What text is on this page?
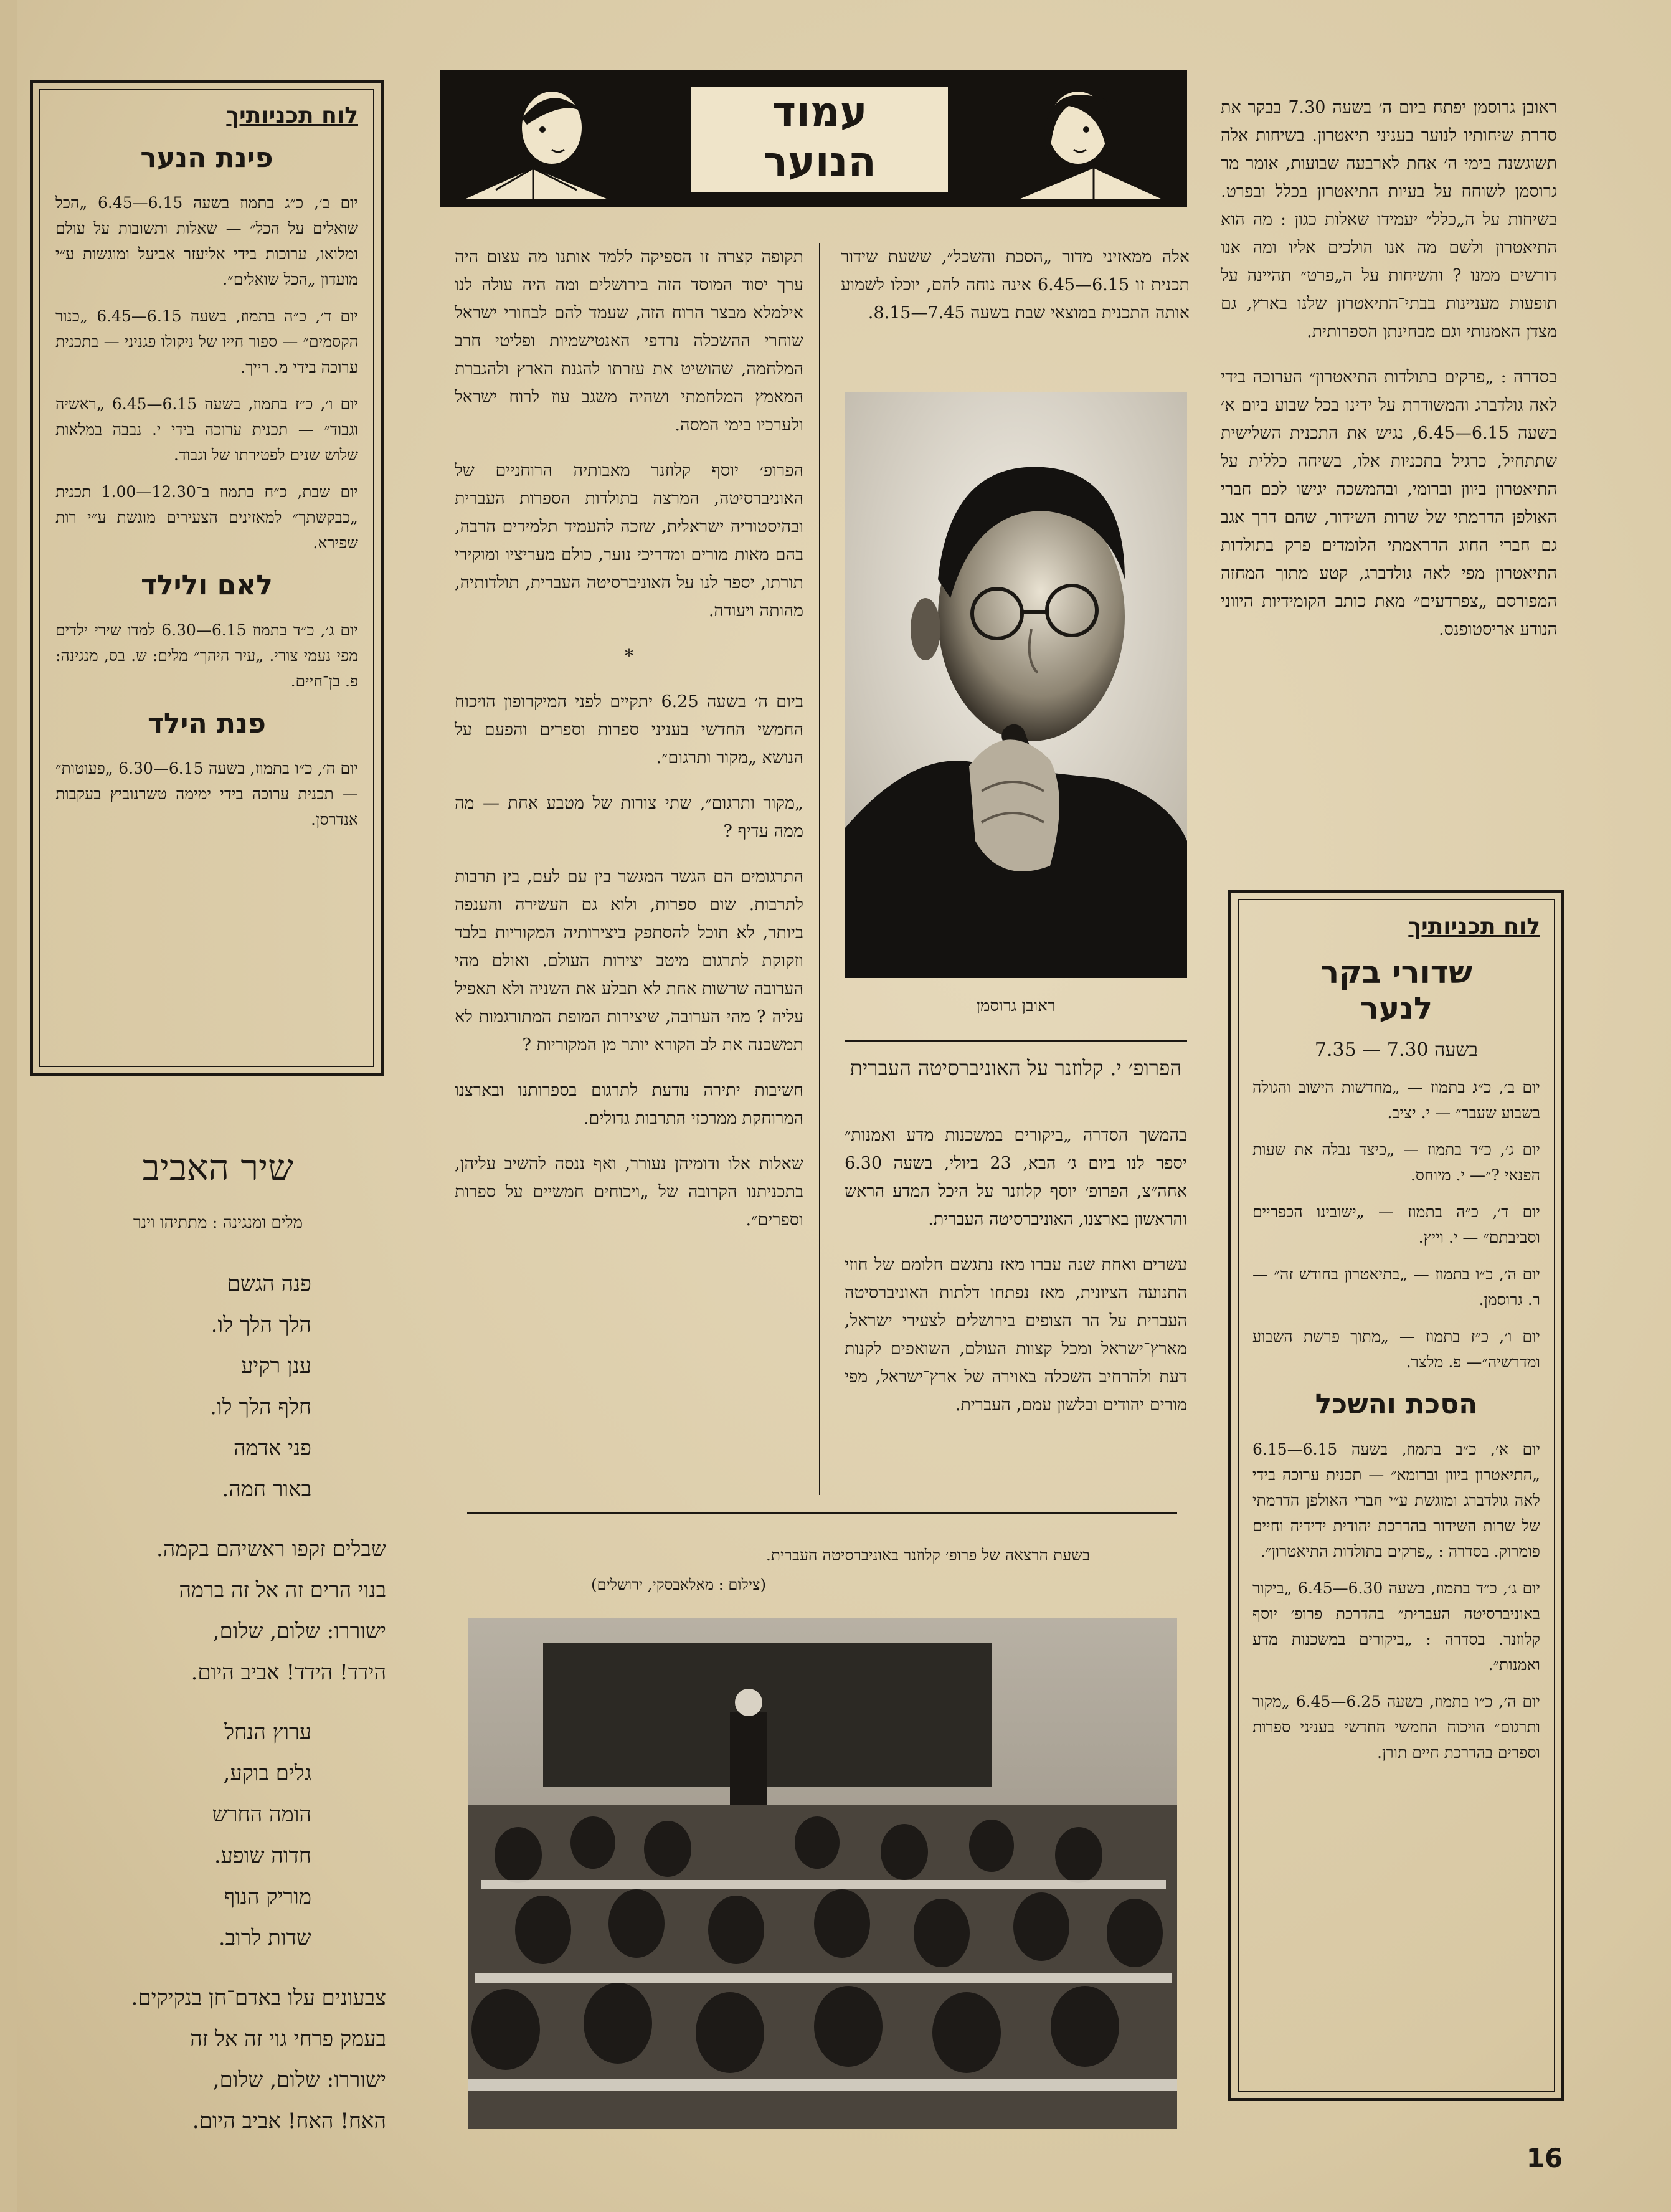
לוח תכניותיך
פינת הנער

יום ב׳, כ״ג בתמוז בשעה 6.15—6.45 „הכל שואלים על הכל״ — שאלות ותשובות על עולם ומלואו, ערוכות בידי אליעזר אביעל ומוגשות ע״י מועדון „הכל שואלים״.

יום ד׳, כ״ה בתמוז, בשעה 6.15—6.45 „כנור הקסמים״ — ספור חייו של ניקולו פגניני — בתכנית ערוכה בידי מ. רייך.

יום ו׳, כ״ז בתמוז, בשעה 6.15—6.45 „ראשיה וגבוד״ — תכנית ערוכה בידי י. נבבה במלאות שלוש שנים לפטירתו של וגבוד.

יום שבת, כ״ח בתמוז ב־12.30—1.00 תכנית „כבקשתך״ למאזינים הצעירים מוגשת ע״י רות שפירא.

לאם ולילד

יום ג׳, כ״ד בתמוז 6.15—6.30 למדו שירי ילדים מפי נעמי צורי. „עיר היהך״ מלים: ש. בס, מנגינה: פ. בן־חיים.

פנת הילד

יום ה׳, כ״ו בתמוז, בשעה 6.15—6.30 „פעוטות״ — תכנית ערוכה בידי ימימה טשרנוביץ בעקבות אנדרסן.

שיר האביב
מלים ומנגינה : מתתיהו וינר
פנה הגשם
הלך הלך לו.
ענן רקיע
חלף הלך לו.
פני אדמה
באור חמה.
שבלים זקפו ראשיהם בקמה.
בנוי הרים זה אל זה ברמה
ישוררו: שלום, שלום,
הידד! הידד! אביב היום.
ערוץ הנחל
גלים בוקע,
הומה החרש
חדוה שופע.
מוריק הנוף
שדות לרוב.
צבעונים עלו באדם־חן בנקיקים.
בעמק פרחי גוי זה אל זה
ישוררו: שלום, שלום,
האח! האח! אביב היום.
עמוד
הנוער

תקופה קצרה זו הספיקה ללמד אותנו מה עצום היה ערך יסוד המוסד הזה בירושלים ומה היה עולה לנו אילמלא מבצר הרוח הזה, שעמד להם לבחורי ישראל שוחרי ההשכלה נרדפי האנטישמיות ופליטי חרב המלחמה, שהושיט את עזרתו להגנת הארץ ולהגברת המאמץ המלחמתי ושהיה משגב עוז לרוח ישראל ולערכיו בימי המסה.

הפרופ׳ יוסף קלוזנר מאבותיה הרוחניים של האוניברסיטה, המרצה בתולדות הספרות העברית ובהיסטוריה ישראלית, שזכה להעמיד תלמידים הרבה, בהם מאות מורים ומדריכי נוער, כולם מעריציו ומוקירי תורתו, יספר לנו על האוניברסיטה העברית, תולדותיה, מהותה ויעודה.

*

ביום ה׳ בשעה 6.25 יתקיים לפני המיקרופון הויכוח החמשי החדשי בעניני ספרות וספרים והפעם על הנושא „מקור ותרגום״.

„מקור ותרגום״, שתי צורות של מטבע אחת — מה ממה עדיף ?

התרגומים הם הגשר המגשר בין עם לעם, בין תרבות לתרבות. שום ספרות, ולוא גם העשירה והענפה ביותר, לא תוכל להסתפק ביצירותיה המקוריות בלבד וזקוקת לתרגום מיטב יצירות העולם. ואולם מהי הערובה שרשות אחת לא תבלע את השניה ולא תאפיל עליה ? מהי הערובה, שיצירות המופת המתורגמות לא תמשכנה את לב הקורא יותר מן המקוריות ?

חשיבות יתירה נודעת לתרגום בספרותנו ובארצנו המרוחקת ממרכזי התרבות גדולים.

שאלות אלו ודומיהן נעורר, ואף ננסה להשיב עליהן, בתכניתנו הקרובה של „ויכוחים חמשיים על ספרות וספרים״.

אלה ממאזיני מדור „הסכת והשכל״, ששעת שידור תכנית זו 6.15—6.45 אינה נוחה להם, יוכלו לשמוע אותה התכנית במוצאי שבת בשעה 7.45—8.15.

ראובן גרוסמן
הפרופ׳ י. קלוזנר על האוניברסיטה העברית

בהמשך הסדרה „ביקורים במשכנות מדע ואמנות״ יספר לנו ביום ג׳ הבא, 23 ביולי, בשעה 6.30 אחה״צ, הפרופ׳ יוסף קלוזנר על היכל המדע הראש והראשון בארצנו, האוניברסיטה העברית.

עשרים ואחת שנה עברו מאז נתגשם חלומם של חוזי התנועה הציונית, מאז נפתחו דלתות האוניברסיטה העברית על הר הצופים בירושלים לצעירי ישראל, מארץ־ישראל ומכל קצוות העולם, השואפים לקנות דעת ולהרחיב השכלה באוירה של ארץ־ישראל, מפי מורים יהודים ובלשון עמם, העברית.

בשעת הרצאה של פרופ׳ קלוזנר באוניברסיטה העברית.
(צילום : מאלאבסקי, ירושלים)

ראובן גרוסמן יפתח ביום ה׳ בשעה 7.30 בבקר את סדרת שיחותיו לנוער בעניני תיאטרון. בשיחות אלה תשוגשנה בימי ה׳ אחת לארבעה שבועות, אומר מר גרוסמן לשוחח על בעיות התיאטרון בכלל ובפרט. בשיחות על ה„כלל״ יעמידו שאלות כגון : מה הוא התיאטרון ולשם מה אנו הולכים אליו ומה אנו דורשים ממנו ? והשיחות על ה„פרט״ תהיינה על תופעות מעניינות בבתי־התיאטרון שלנו בארץ, גם מצדן האמנותי וגם מבחינתן הספרותית.

בסדרה : „פרקים בתולדות התיאטרון״ הערוכה בידי לאה גולדברג והמשודרת על ידינו בכל שבוע ביום א׳ בשעה 6.15—6.45, נגיש את התכנית השלישית שתתחיל, כרגיל בתכניות אלו, בשיחה כללית על התיאטרון ביוון וברומי, ובהמשכה יגישו לכם חברי האולפן הדרמתי של שרות השידור, שהם דרך אגב גם חברי החוג הדראמתי הלומדים פרק בתולדות התיאטרון מפי לאה גולדברג, קטע מתוך המחזה המפורסם „צפרדעים״ מאת כותב הקומידיות היווני הנודע אריסטופנס.

לוח תכניותיך
שדורי בקר
לנער
בשעה 7.30 — 7.35

יום ב׳, כ״ג בתמוז — „מחדשות הישוב והגולה בשבוע שעבר״ — י. יציב.

יום ג׳, כ״ד בתמוז — „כיצד נבלה את שעות הפנאי ?״— י. מיוחס.

יום ד׳, כ״ה בתמוז — „ישובינו הכפריים וסביבתם״ — י. וייץ.

יום ה׳, כ״ו בתמוז — „בתיאטרון בחודש זה״ — ר. גרוסמן.

יום ו׳, כ״ז בתמוז — „מתוך פרשת השבוע ומדרשיה״— פ. מלצר.

הסכת והשכל

יום א׳, כ״ב בתמוז, בשעה 6.15—6.15 „התיאטרון ביוון וברומא״ — תכנית ערוכה בידי לאה גולדברג ומוגשת ע״י חברי האולפן הדרמתי של שרות השידור בהדרכת יהודית ידידיה וחיים פומרוק. בסדרה : „פרקים בתולדות התיאטרון״.

יום ג׳, כ״ד בתמוז, בשעה 6.30—6.45 „ביקור באוניברסיטה העברית״ בהדרכת פרופ׳ יוסף קלוזנר. בסדרה : „ביקורים במשכנות מדע ואמנות״.

יום ה׳, כ״ו בתמוז, בשעה 6.25—6.45 „מקור ותרגום״ הויכוח החמשי החדשי בעניני ספרות וספרים בהדרכת חיים תורן.

16
